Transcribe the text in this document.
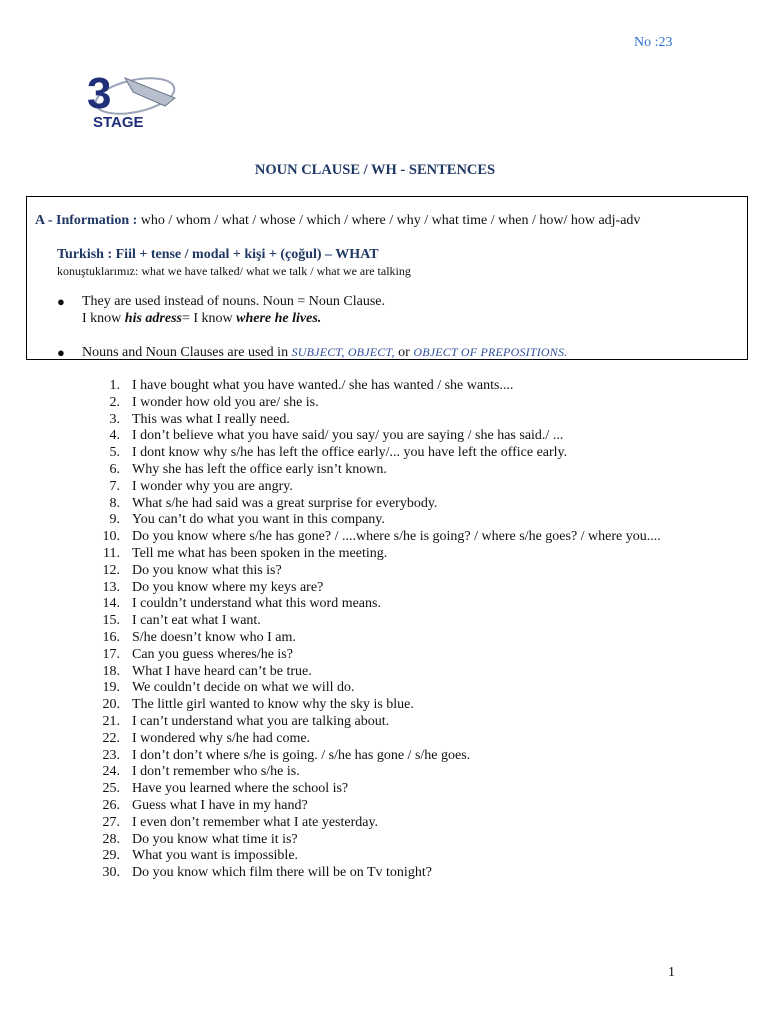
No :23
3
STAGE
NOUN CLAUSE / WH - SENTENCES
A - Information : who / whom / what / whose / which / where / why / what time / when / how/ how adj-adv
Turkish : Fiil + tense / modal + kişi + (çoğul) – WHAT
konuştuklarımız: what we have talked/ what we talk / what we are talking
●	They are used instead of nouns. Noun = Noun Clause.
I know his adress= I know where he lives.
●	Nouns and Noun Clauses are used in SUBJECT, OBJECT, or OBJECT OF PREPOSITIONS.
1. I have bought what you have wanted./ she has wanted / she wants....
2. I wonder how old you are/ she is.
3. This was what I really need.
4. I don’t believe what you have said/ you say/ you are saying / she has said./ ...
5. I dont know why s/he has left the office early/... you have left the office early.
6. Why she has left the office early isn’t known.
7. I wonder why you are angry.
8. What s/he had said was a great surprise for everybody.
9. You can’t do what you want in this company.
10. Do you know where s/he has gone? / ....where s/he is going? / where s/he goes? / where you....
11. Tell me what has been spoken in the meeting.
12. Do you know what this is?
13. Do you know where my keys are?
14. I couldn’t understand what this word means.
15. I can’t eat what I want.
16. S/he doesn’t know who I am.
17. Can you guess wheres/he is?
18. What I have heard can’t be true.
19. We couldn’t decide on what we will do.
20. The little girl wanted to know why the sky is blue.
21. I can’t understand what you are talking about.
22. I wondered why s/he had come.
23. I don’t don’t where s/he is going. / s/he has gone / s/he goes.
24. I don’t remember who s/he is.
25. Have you learned where the school is?
26. Guess what I have in my hand?
27. I even don’t remember what I ate yesterday.
28. Do you know what time it is?
29. What you want is impossible.
30. Do you know which film there will be on Tv tonight?
1
